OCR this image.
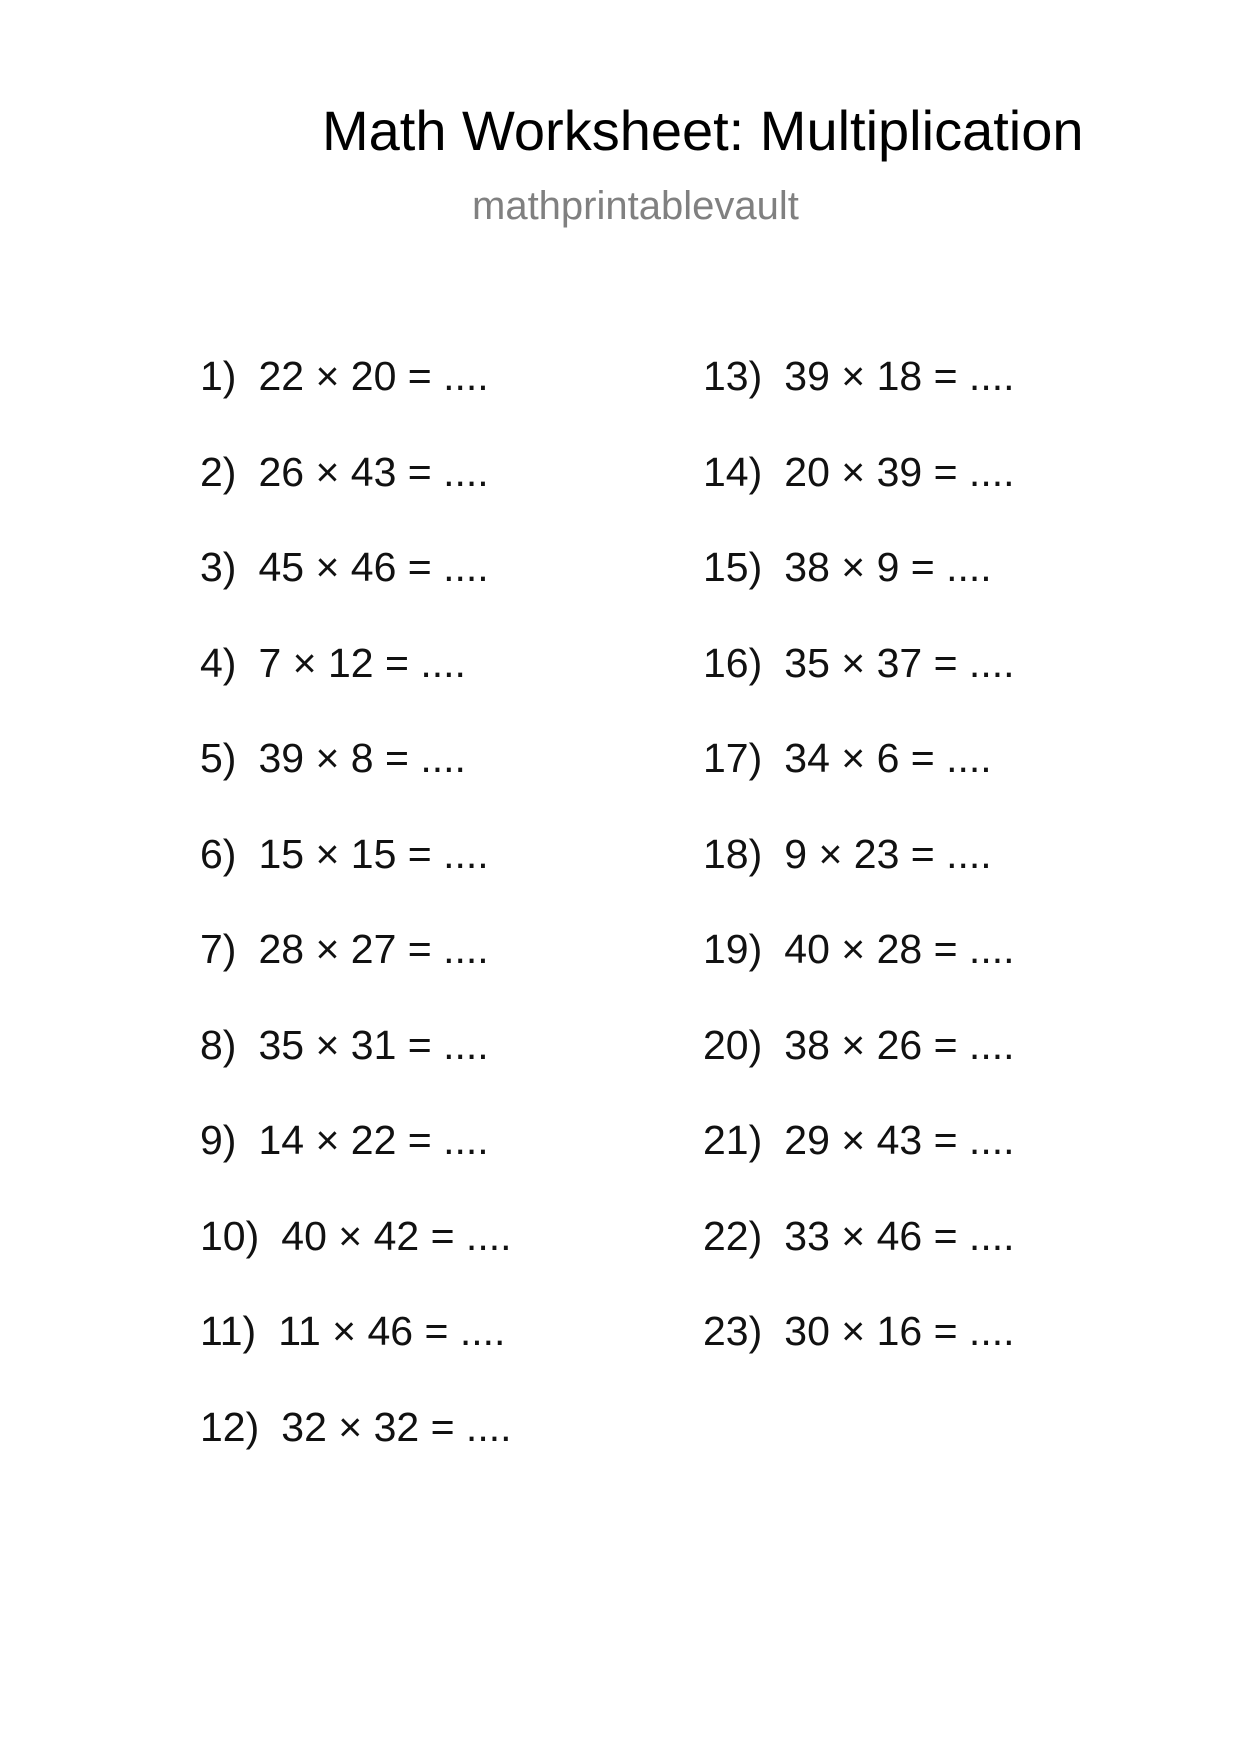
Math Worksheet: Multiplication
mathprintablevault
1) 22 × 20 = ....
2) 26 × 43 = ....
3) 45 × 46 = ....
4) 7 × 12 = ....
5) 39 × 8 = ....
6) 15 × 15 = ....
7) 28 × 27 = ....
8) 35 × 31 = ....
9) 14 × 22 = ....
10) 40 × 42 = ....
11) 11 × 46 = ....
12) 32 × 32 = ....
13) 39 × 18 = ....
14) 20 × 39 = ....
15) 38 × 9 = ....
16) 35 × 37 = ....
17) 34 × 6 = ....
18) 9 × 23 = ....
19) 40 × 28 = ....
20) 38 × 26 = ....
21) 29 × 43 = ....
22) 33 × 46 = ....
23) 30 × 16 = ....
